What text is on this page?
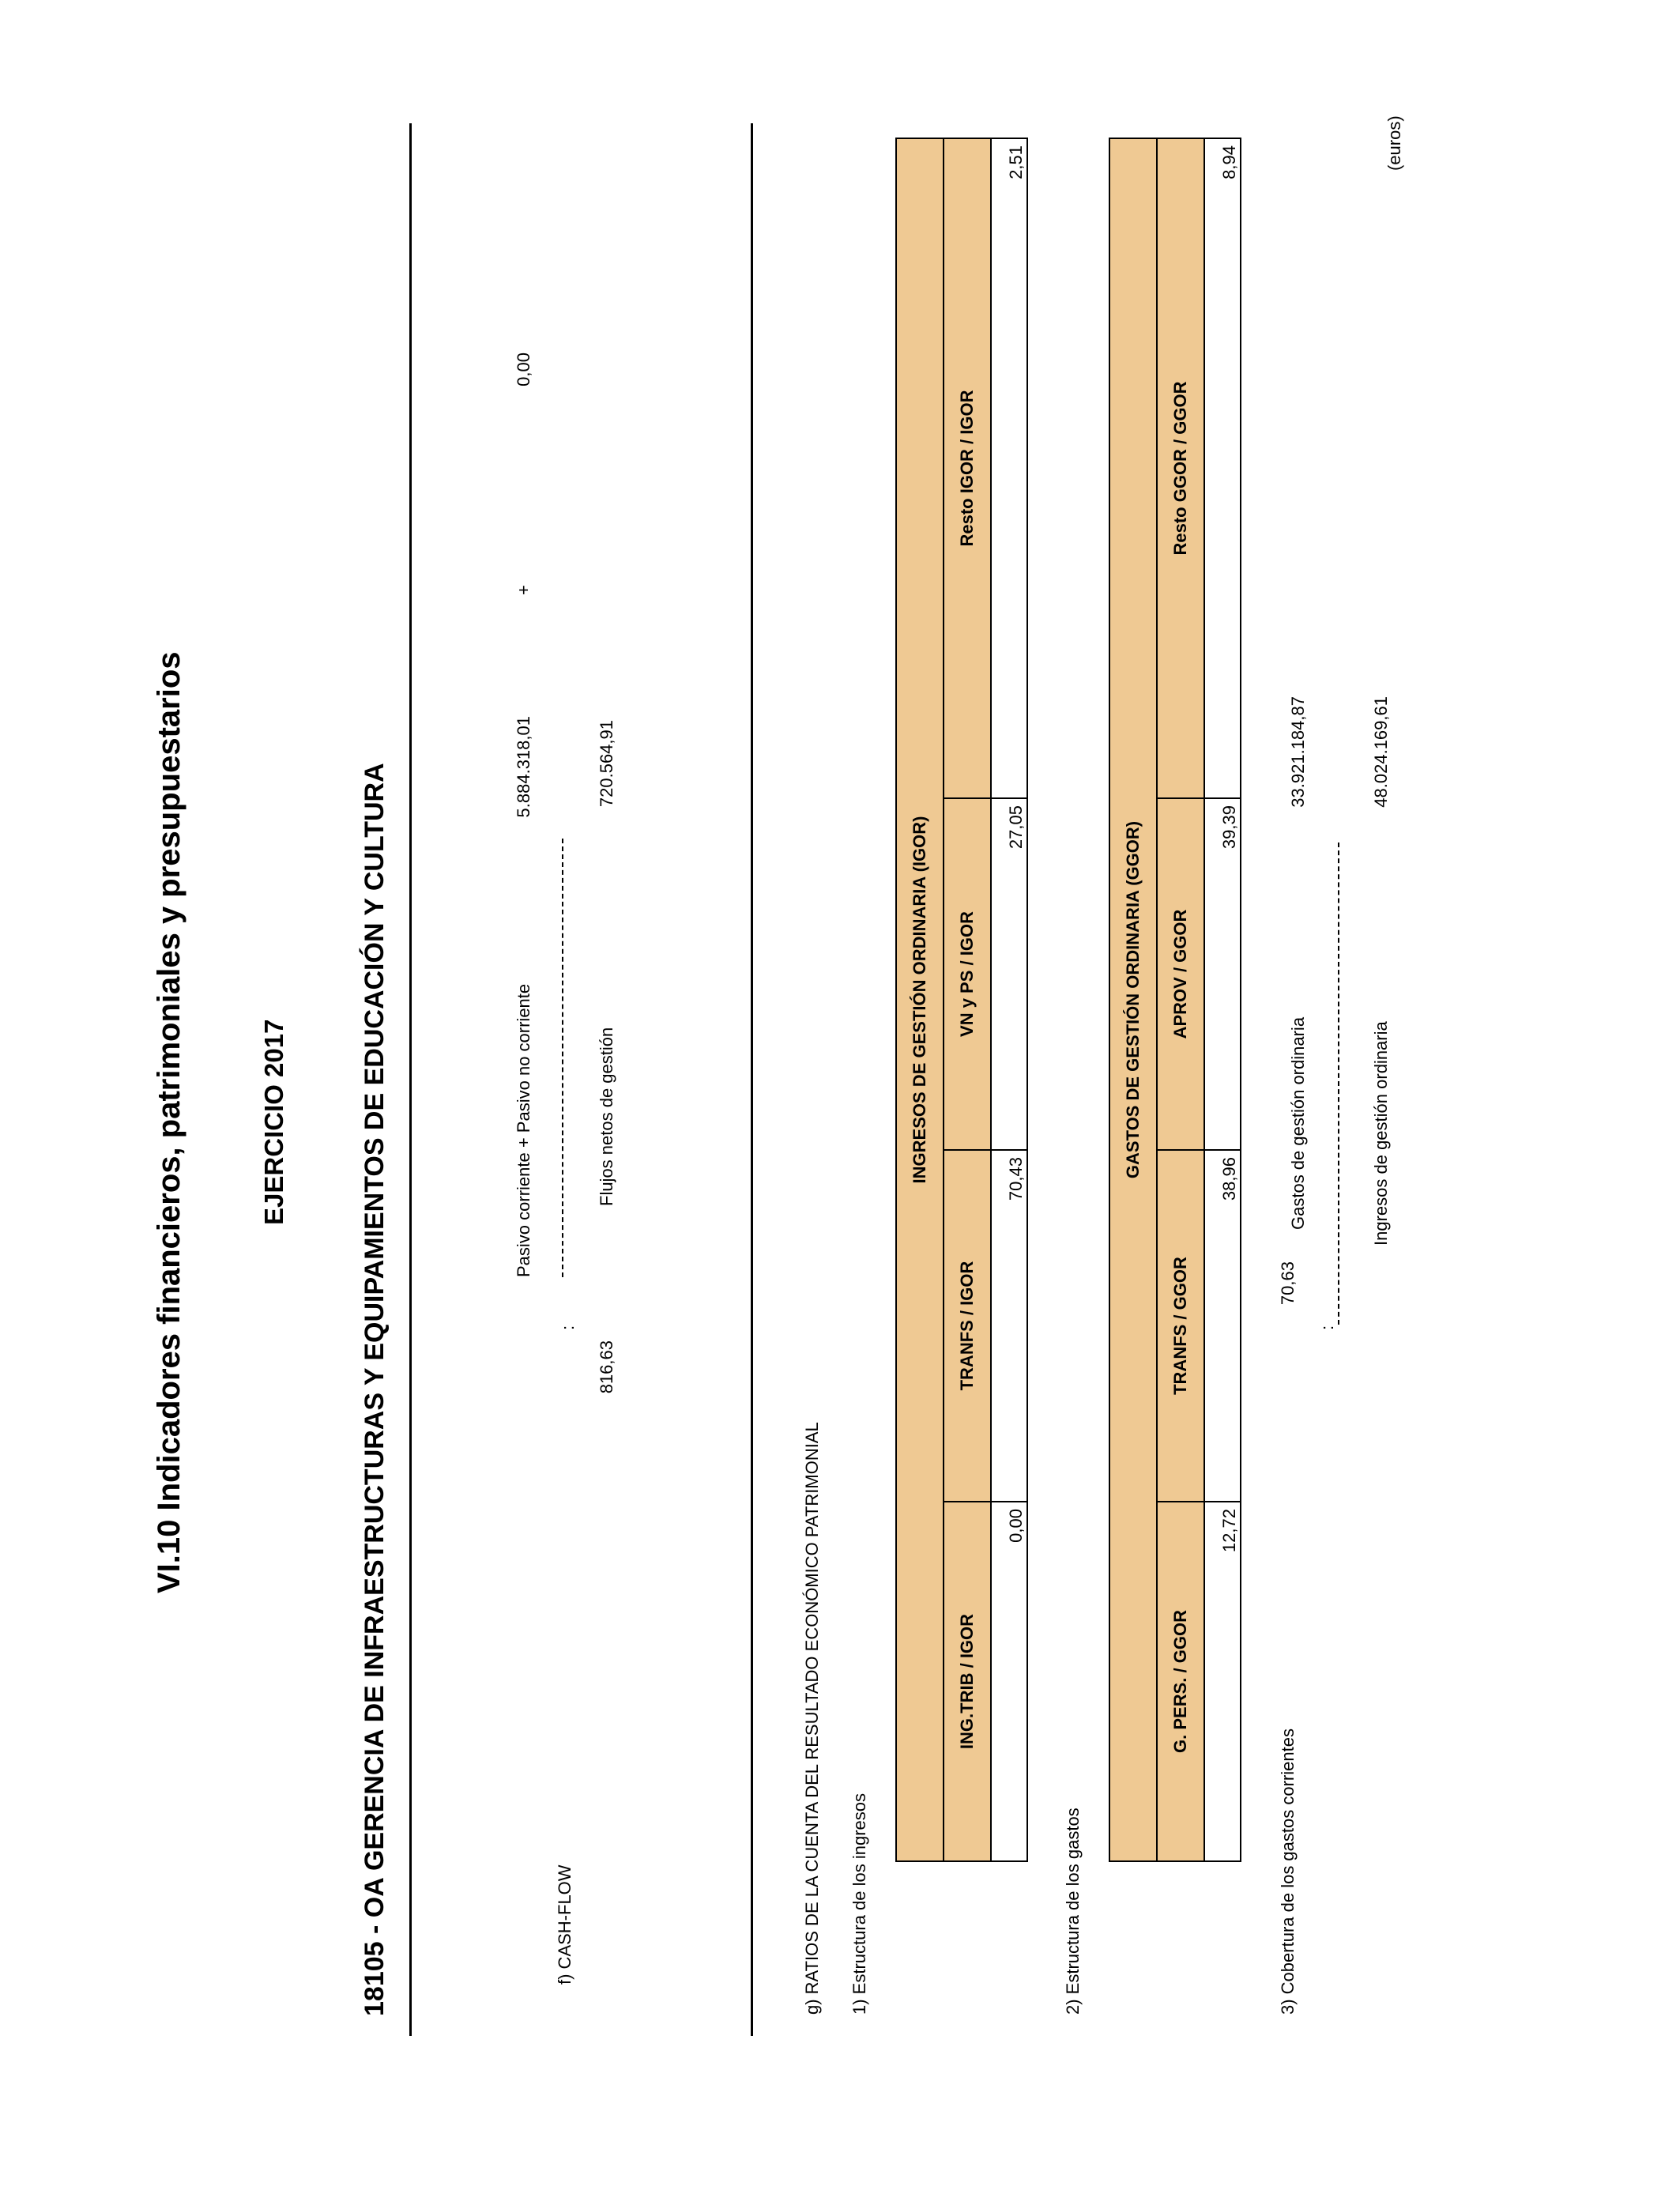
VI.10 Indicadores financieros, patrimoniales y presupuestarios	EJERCICIO 2017	18105 - OA GERENCIA DE INFRAESTRUCTURAS Y EQUIPAMIENTOS DE EDUCACIÓN Y CULTURA
(euros)
f) CASH-FLOW
816,63
:
Pasivo corriente + Pasivo no corriente
5.884.318,01
+
0,00
Flujos netos de gestión
720.564,91
g) RATIOS DE LA CUENTA DEL RESULTADO ECONÓMICO PATRIMONIAL 1) Estructura de los ingresos
INGRESOS DE GESTIÓN ORDINARIA (IGOR)			
ING.TRIB / IGOR	TRANFS / IGOR	VN y PS / IGOR	Resto IGOR / IGOR
0,00	70,43	27,05	2,51
2) Estructura de los gastos
GASTOS DE GESTIÓN ORDINARIA (GGOR)			
G. PERS. / GGOR	TRANFS / GGOR	APROV / GGOR	Resto GGOR / GGOR
12,72	38,96	39,39	8,94
3) Cobertura de los gastos corrientes
70,63
:
Gastos de gestión ordinaria
33.921.184,87
Ingresos de gestión ordinaria
48.024.169,61
